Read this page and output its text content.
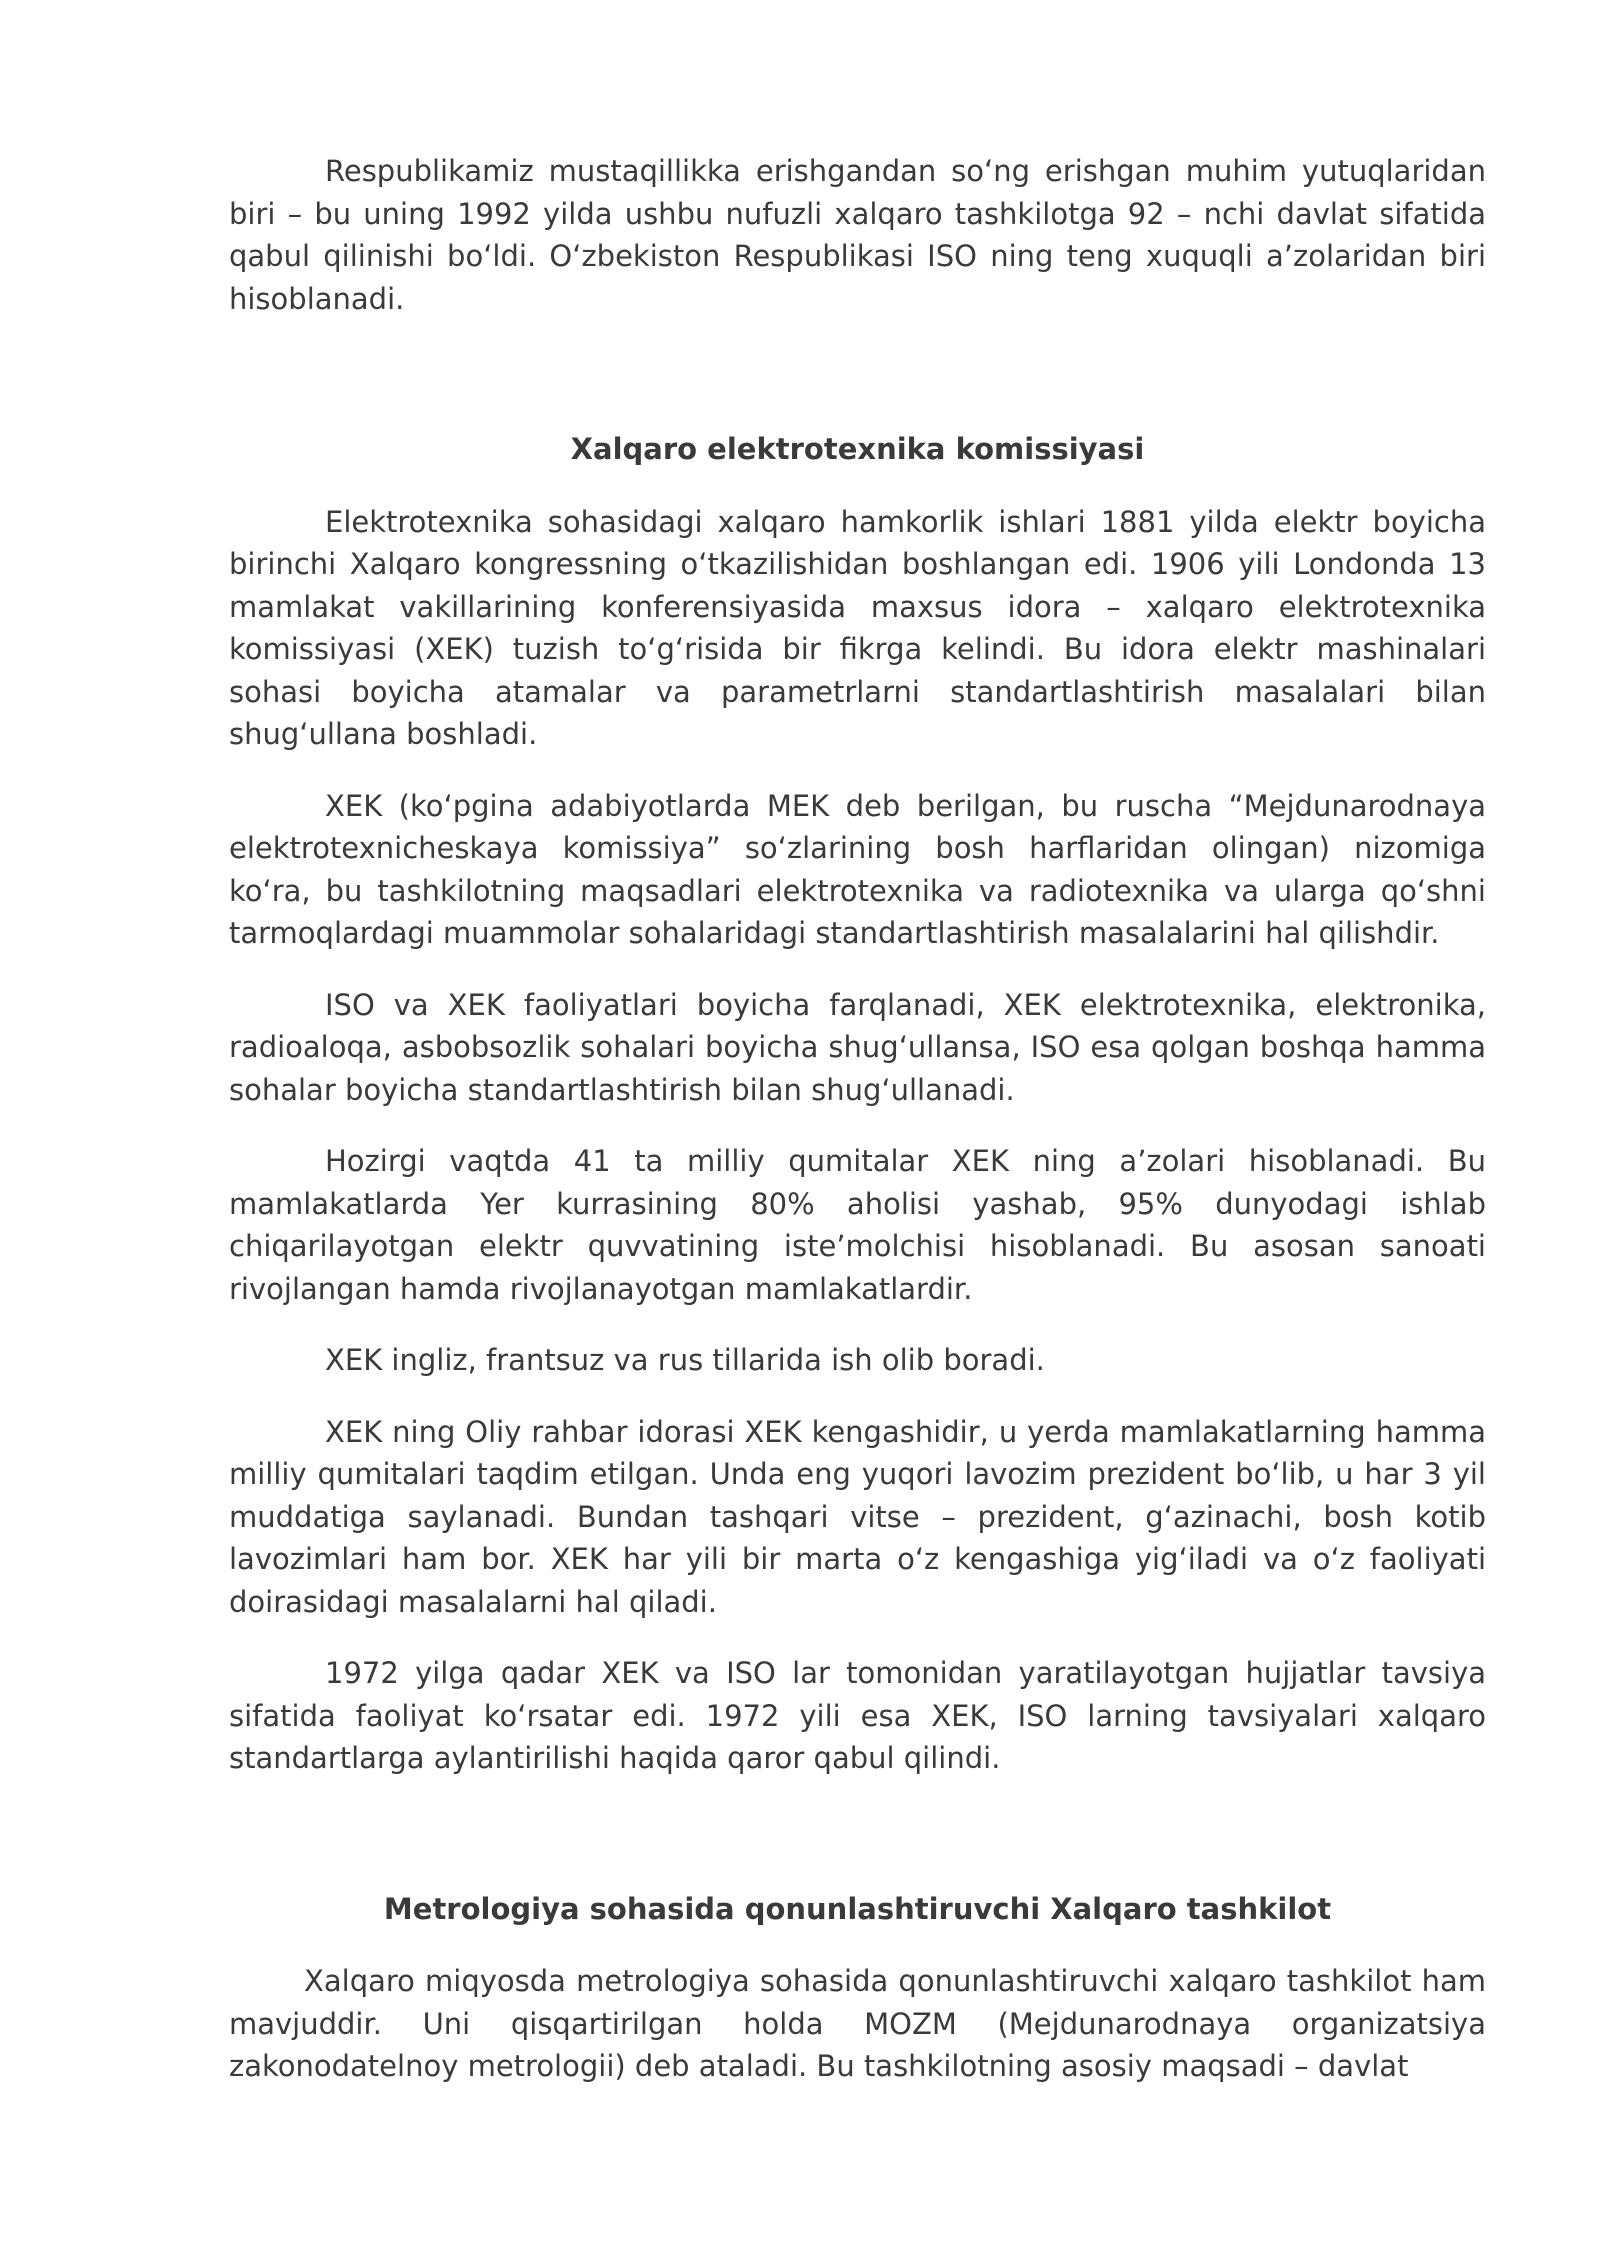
Respublikamiz mustaqillikka erishgandan so‘ng erishgan muhim yutuqlaridan biri – bu uning 1992 yilda ushbu nufuzli xalqaro tashkilotga 92 – nchi davlat sifatida qabul qilinishi bo‘ldi. O‘zbekiston Respublikasi ISO ning teng xuquqli a’zolaridan biri hisoblanadi.

Xalqaro elektrotexnika komissiyasi

Elektrotexnika sohasidagi xalqaro hamkorlik ishlari 1881 yilda elektr boyicha birinchi Xalqaro kongressning o‘tkazilishidan boshlangan edi. 1906 yili Londonda 13 mamlakat vakillarining konferensiyasida maxsus idora – xalqaro elektrotexnika komissiyasi (XEK) tuzish to‘g‘risida bir fikrga kelindi. Bu idora elektr mashinalari sohasi boyicha atamalar va parametrlarni standartlashtirish masalalari bilan shug‘ullana boshladi.

XEK (ko‘pgina adabiyotlarda MEK deb berilgan, bu ruscha “Mejdunarodnaya elektrotexnicheskaya komissiya” so‘zlarining bosh harflaridan olingan) nizomiga ko‘ra, bu tashkilotning maqsadlari elektrotexnika va radiotexnika va ularga qo‘shni tarmoqlardagi muammolar sohalaridagi standartlashtirish masalalarini hal qilishdir.

ISO va XEK faoliyatlari boyicha farqlanadi, XEK elektrotexnika, elektronika, radioaloqa, asbobsozlik sohalari boyicha shug‘ullansa, ISO esa qolgan boshqa hamma sohalar boyicha standartlashtirish bilan shug‘ullanadi.

Hozirgi vaqtda 41 ta milliy qumitalar XEK ning a’zolari hisoblanadi. Bu mamlakatlarda Yer kurrasining 80% aholisi yashab, 95% dunyodagi ishlab chiqarilayotgan elektr quvvatining iste’molchisi hisoblanadi. Bu asosan sanoati rivojlangan hamda rivojlanayotgan mamlakatlardir.

XEK ingliz, frantsuz va rus tillarida ish olib boradi.

XEK ning Oliy rahbar idorasi XEK kengashidir, u yerda mamlakatlarning hamma milliy qumitalari taqdim etilgan. Unda eng yuqori lavozim prezident bo‘lib, u har 3 yil muddatiga saylanadi. Bundan tashqari vitse – prezident, g‘azinachi, bosh kotib lavozimlari ham bor. XEK har yili bir marta o‘z kengashiga yig‘iladi va o‘z faoliyati doirasidagi masalalarni hal qiladi.

1972 yilga qadar XEK va ISO lar tomonidan yaratilayotgan hujjatlar tavsiya sifatida faoliyat ko‘rsatar edi. 1972 yili esa XEK, ISO larning tavsiyalari xalqaro standartlarga aylantirilishi haqida qaror qabul qilindi.

Metrologiya sohasida qonunlashtiruvchi Xalqaro tashkilot

Xalqaro miqyosda metrologiya sohasida qonunlashtiruvchi xalqaro tashkilot ham mavjuddir. Uni qisqartirilgan holda MOZM (Mejdunarodnaya organizatsiya zakonodatelnoy metrologii) deb ataladi. Bu tashkilotning asosiy maqsadi – davlat
